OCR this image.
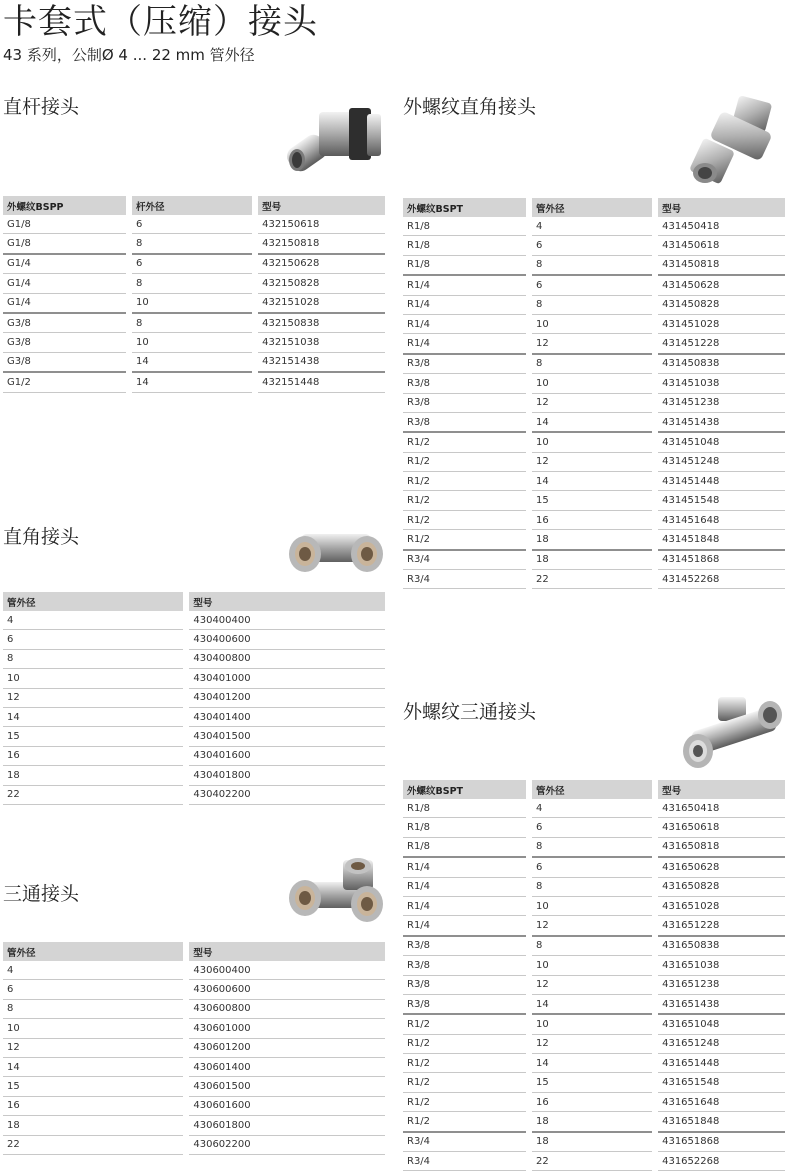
卡套式（压缩）接头
43 系列，公制Ø 4 ... 22 mm 管外径
直杆接头
外螺纹BSPP	杆外径	型号
G1/8	6	432150618
G1/8	8	432150818
G1/4	6	432150628
G1/4	8	432150828
G1/4	10	432151028
G3/8	8	432150838
G3/8	10	432151038
G3/8	14	432151438
G1/2	14	432151448
外螺纹直角接头
外螺纹BSPT	管外径	型号
R1/8	4	431450418
R1/8	6	431450618
R1/8	8	431450818
R1/4	6	431450628
R1/4	8	431450828
R1/4	10	431451028
R1/4	12	431451228
R3/8	8	431450838
R3/8	10	431451038
R3/8	12	431451238
R3/8	14	431451438
R1/2	10	431451048
R1/2	12	431451248
R1/2	14	431451448
R1/2	15	431451548
R1/2	16	431451648
R1/2	18	431451848
R3/4	18	431451868
R3/4	22	431452268
直角接头
管外径	型号
4	430400400
6	430400600
8	430400800
10	430401000
12	430401200
14	430401400
15	430401500
16	430401600
18	430401800
22	430402200
外螺纹三通接头
外螺纹BSPT	管外径	型号
R1/8	4	431650418
R1/8	6	431650618
R1/8	8	431650818
R1/4	6	431650628
R1/4	8	431650828
R1/4	10	431651028
R1/4	12	431651228
R3/8	8	431650838
R3/8	10	431651038
R3/8	12	431651238
R3/8	14	431651438
R1/2	10	431651048
R1/2	12	431651248
R1/2	14	431651448
R1/2	15	431651548
R1/2	16	431651648
R1/2	18	431651848
R3/4	18	431651868
R3/4	22	431652268
三通接头
管外径	型号
4	430600400
6	430600600
8	430600800
10	430601000
12	430601200
14	430601400
15	430601500
16	430601600
18	430601800
22	430602200
